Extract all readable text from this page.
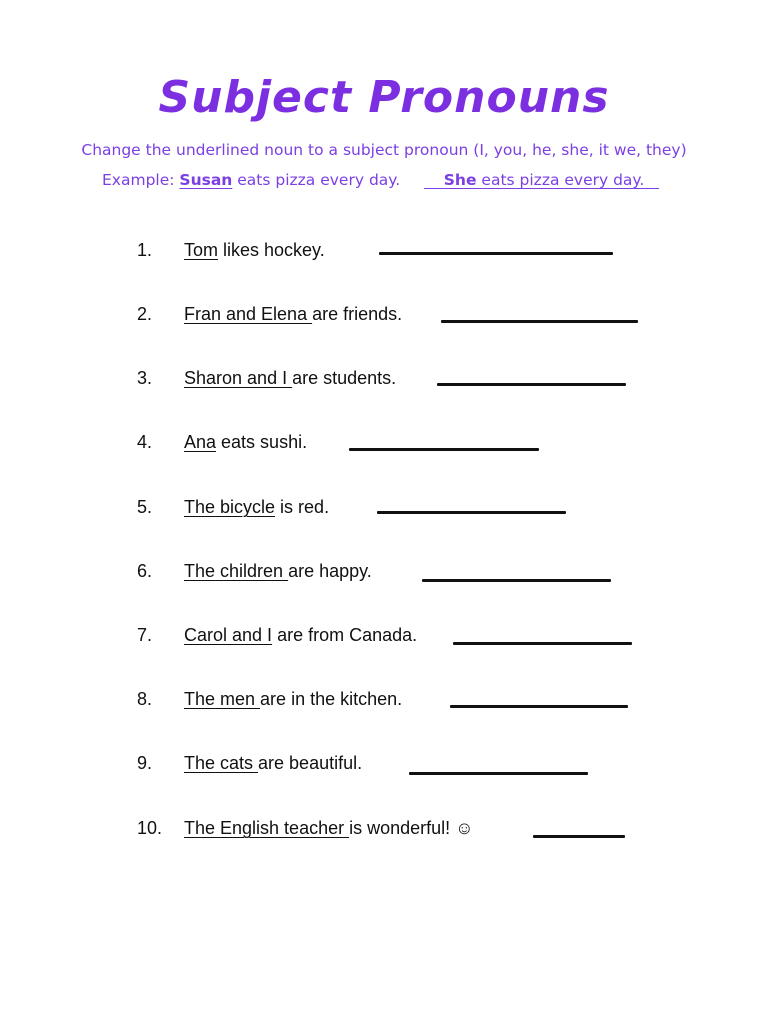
Subject Pronouns

Change the underlined noun to a subject pronoun (I, you, he, she, it we, they)

Example: Susan eats pizza every day.	She eats pizza every day.
1. Tom likes hockey.
2. Fran and Elena are friends.
3. Sharon and I are students.
4. Ana eats sushi.
5. The bicycle is red.
6. The children are happy.
7. Carol and I are from Canada.
8. The men are in the kitchen.
9. The cats are beautiful.
10. The English teacher is wonderful! ☺
